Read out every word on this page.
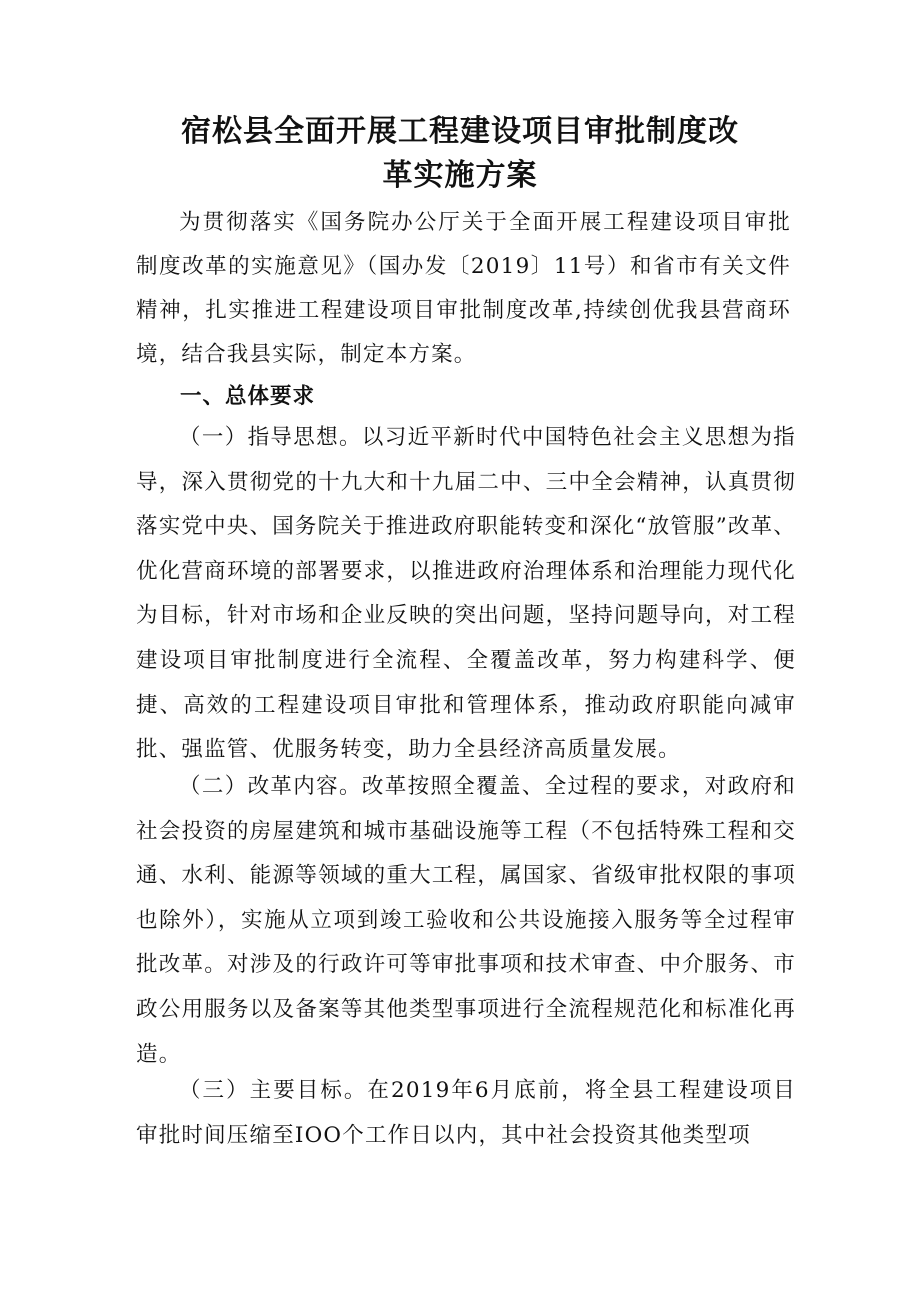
宿松县全面开展工程建设项目审批制度改
革实施方案

为贯彻落实《国务院办公厅关于全面开展工程建设项目审批制度改革的实施意见》（国办发〔2019〕11号）和省市有关文件精神，扎实推进工程建设项目审批制度改革,持续创优我县营商环境，结合我县实际，制定本方案。

一、总体要求

（一）指导思想。以习近平新时代中国特色社会主义思想为指导，深入贯彻党的十九大和十九届二中、三中全会精神，认真贯彻落实党中央、国务院关于推进政府职能转变和深化“放管服”改革、优化营商环境的部署要求，以推进政府治理体系和治理能力现代化为目标，针对市场和企业反映的突出问题，坚持问题导向，对工程建设项目审批制度进行全流程、全覆盖改革，努力构建科学、便捷、高效的工程建设项目审批和管理体系，推动政府职能向减审批、强监管、优服务转变，助力全县经济高质量发展。

（二）改革内容。改革按照全覆盖、全过程的要求，对政府和社会投资的房屋建筑和城市基础设施等工程（不包括特殊工程和交通、水利、能源等领域的重大工程，属国家、省级审批权限的事项也除外），实施从立项到竣工验收和公共设施接入服务等全过程审批改革。对涉及的行政许可等审批事项和技术审查、中介服务、市政公用服务以及备案等其他类型事项进行全流程规范化和标准化再造。

（三）主要目标。在2019年6月底前，将全县工程建设项目审批时间压缩至IOO个工作日以内，其中社会投资其他类型项
